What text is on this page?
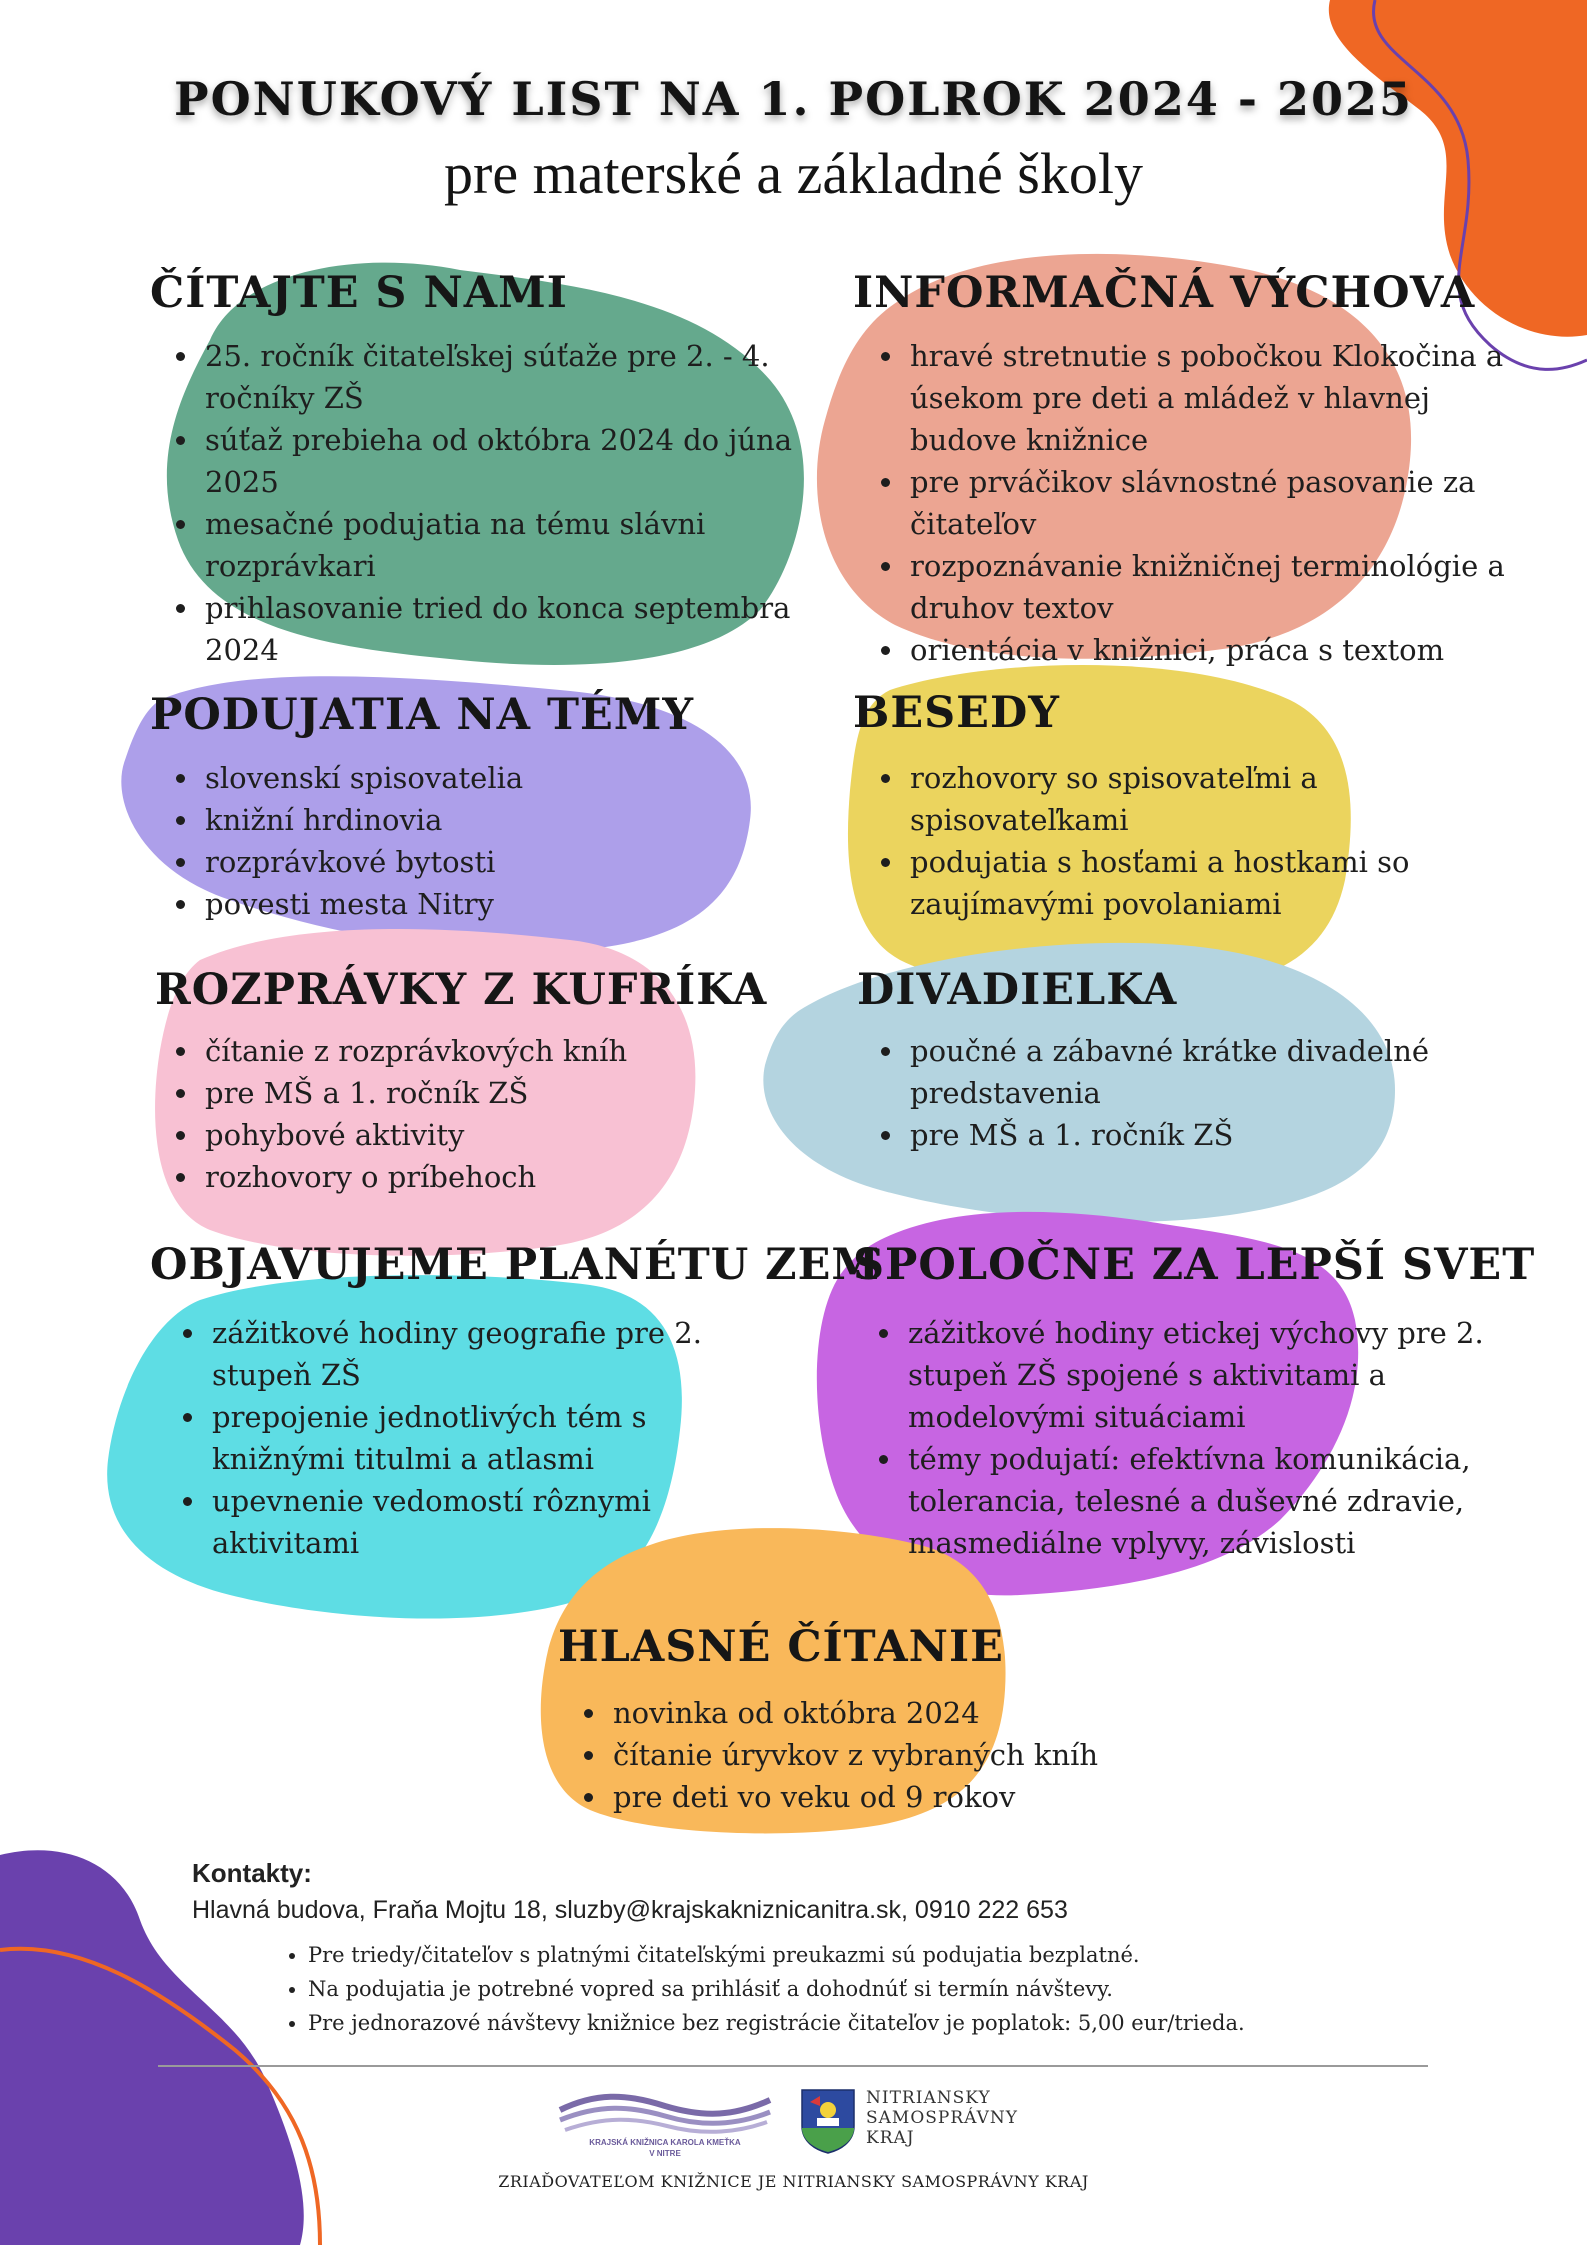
PONUKOVÝ LIST NA 1. POLROK 2024 - 2025
pre materské a základné školy
ČÍTAJTE S NAMI
• 25. ročník čitateľskej súťaže pre 2. - 4. ročníky ZŠ
• súťaž prebieha od októbra 2024 do júna 2025
• mesačné podujatia na tému slávni rozprávkari
• prihlasovanie tried do konca septembra 2024
INFORMAČNÁ VÝCHOVA
• hravé stretnutie s pobočkou Klokočina a úsekom pre deti a mládež v hlavnej budove knižnice
• pre prváčikov slávnostné pasovanie za čitateľov
• rozpoznávanie knižničnej terminológie a druhov textov
• orientácia v knižnici, práca s textom
PODUJATIA NA TÉMY
• slovenskí spisovatelia
• knižní hrdinovia
• rozprávkové bytosti
• povesti mesta Nitry
BESEDY
• rozhovory so spisovateľmi a spisovateľkami
• podujatia s hosťami a hostkami so zaujímavými povolaniami
ROZPRÁVKY Z KUFRÍKA
• čítanie z rozprávkových kníh
• pre MŠ a 1. ročník ZŠ
• pohybové aktivity
• rozhovory o príbehoch
DIVADIELKA
• poučné a zábavné krátke divadelné predstavenia
• pre MŠ a 1. ročník ZŠ
OBJAVUJEME PLANÉTU ZEM
• zážitkové hodiny geografie pre 2. stupeň ZŠ
• prepojenie jednotlivých tém s knižnými titulmi a atlasmi
• upevnenie vedomostí rôznymi aktivitami
SPOLOČNE ZA LEPŠÍ SVET
• zážitkové hodiny etickej výchovy pre 2. stupeň ZŠ spojené s aktivitami a modelovými situáciami
• témy podujatí: efektívna komunikácia, tolerancia, telesné a duševné zdravie, masmediálne vplyvy, závislosti
HLASNÉ ČÍTANIE
• novinka od októbra 2024
• čítanie úryvkov z vybraných kníh
• pre deti vo veku od 9 rokov
Kontakty:
Hlavná budova, Fraňa Mojtu 18, sluzby@krajskakniznicanitra.sk, 0910 222 653
• Pre triedy/čitateľov s platnými čitateľskými preukazmi sú podujatia bezplatné.
• Na podujatia je potrebné vopred sa prihlásiť a dohodnúť si termín návštevy.
• Pre jednorazové návštevy knižnice bez registrácie čitateľov je poplatok: 5,00 eur/trieda.
KRAJSKÁ KNIŽNICA KAROLA KMEŤKA
V NITRE
NITRIANSKY
SAMOSPRÁVNY
KRAJ
ZRIAĎOVATEĽOM KNIŽNICE JE NITRIANSKY SAMOSPRÁVNY KRAJ
